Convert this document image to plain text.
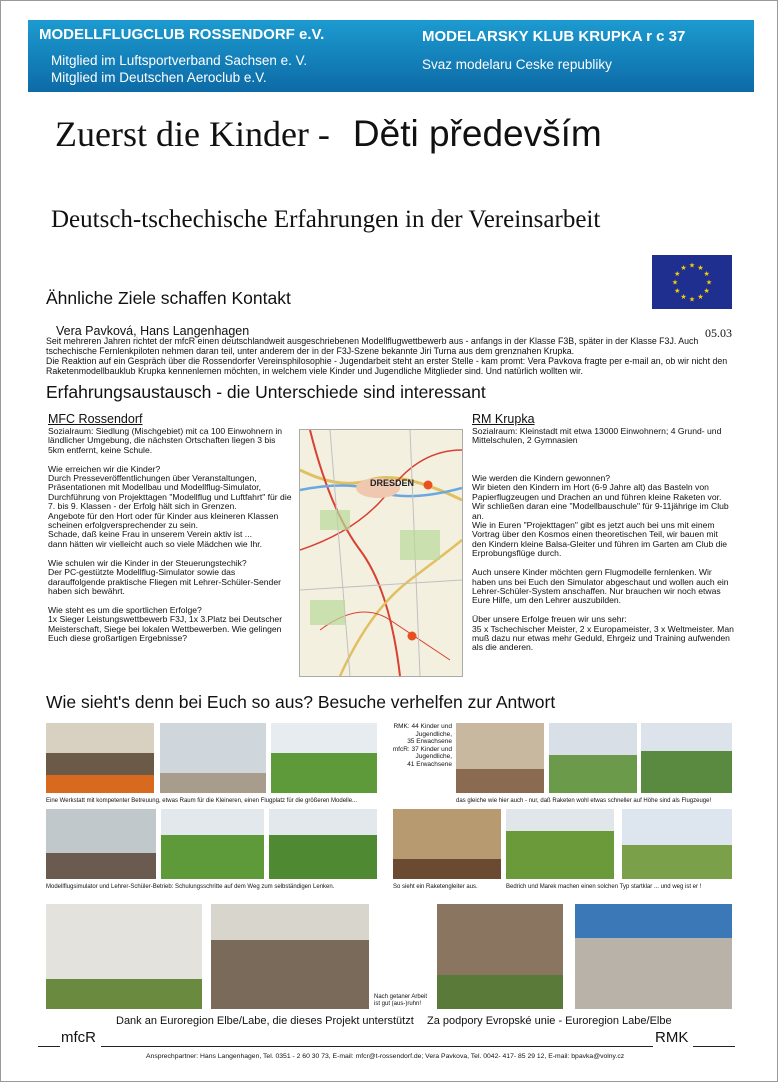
MODELLFLUGCLUB ROSSENDORF e.V.
Mitglied im Luftsportverband Sachsen e. V.
Mitglied im Deutschen Aeroclub e.V.
MODELARSKY KLUB KRUPKA r c 37
Svaz modelaru Ceske republiky
Zuerst die Kinder - Děti především
Deutsch-tschechische Erfahrungen in der Vereinsarbeit
★ ★
★
★
★
★
★
★
★
★
★
★
Ähnliche Ziele schaffen Kontakt
Vera Pavková, Hans Langenhagen	05.03
Seit mehreren Jahren richtet der mfcR einen deutschlandweit ausgeschriebenen Modellflugwettbewerb aus - anfangs in der Klasse F3B, später in der Klasse F3J. Auch tschechische Fernlenkpiloten nehmen daran teil, unter anderem der in der F3J-Szene bekannte Jiri Turna aus dem grenznahen Krupka.
Die Reaktion auf ein Gespräch über die Rossendorfer Vereinsphilosophie - Jugendarbeit steht an erster Stelle - kam promt: Vera Pavkova fragte per e-mail an, ob wir nicht den Raketenmodellbauklub Krupka kennenlernen möchten, in welchem viele Kinder und Jugendliche Mitglieder sind. Und natürlich wollten wir.
Erfahrungsaustausch - die Unterschiede sind interessant
MFC Rossendorf
Sozialraum: Siedlung (Mischgebiet) mit ca 100 Einwohnern in ländlicher Umgebung, die nächsten Ortschaften liegen 3 bis 5km entfernt, keine Schule.

Wie erreichen wir die Kinder?
Durch Presseveröffentlichungen über Veranstaltungen, Präsentationen mit Modellbau und Modellflug-Simulator, Durchführung von Projekttagen "Modellflug und Luftfahrt" für die 7. bis 9. Klassen - der Erfolg hält sich in Grenzen.
Angebote für den Hort oder für Kinder aus kleineren Klassen scheinen erfolgversprechender zu sein.
Schade, daß keine Frau in unserem Verein aktiv ist ...
dann hätten wir vielleicht auch so viele Mädchen wie Ihr.

Wie schulen wir die Kinder in der Steuerungstechik?
Der PC-gestützte Modellflug-Simulator sowie das darauffolgende praktische Fliegen mit Lehrer-Schüler-Sender haben sich bewährt.

Wie steht es um die sportlichen Erfolge?
1x Sieger Leistungswettbewerb F3J, 1x 3.Platz bei Deutscher Meisterschaft, Siege bei lokalen Wettbewerben. Wie gelingen Euch diese großartigen Ergebnisse?
DRESDEN
RM Krupka
Sozialraum: Kleinstadt mit etwa 13000 Einwohnern; 4 Grund- und Mittelschulen, 2 Gymnasien

Wie werden die Kindern gewonnen?
Wir bieten den Kindern im Hort (6-9 Jahre alt) das Basteln von Papierflugzeugen und Drachen an und führen kleine Raketen vor. Wir schließen daran eine "Modellbauschule" für 9-11jährige im Club an.
Wie in Euren "Projekttagen" gibt es jetzt auch bei uns mit einem Vortrag über den Kosmos einen theoretischen Teil, wir bauen mit den Kindern kleine Balsa-Gleiter und führen im Garten am Club die Erprobungsflüge durch.

Auch unsere Kinder möchten gern Flugmodelle fernlenken. Wir haben uns bei Euch den Simulator abgeschaut und wollen auch ein Lehrer-Schüler-System anschaffen. Nur brauchen wir noch etwas Eure Hilfe, um den Lehrer auszubilden.

Über unsere Erfolge freuen wir uns sehr:
35 x Tschechischer Meister, 2 x Europameister, 3 x Weltmeister. Man muß dazu nur etwas mehr Geduld, Ehrgeiz und Training aufwenden als die anderen.
Wie sieht's denn bei Euch so aus? Besuche verhelfen zur Antwort
RMK: 44 Kinder und
Jugendliche,
35 Erwachsene
mfcR: 37 Kinder und
Jugendliche,
41 Erwachsene
Eine Werkstatt mit kompetenter Betreuung, etwas Raum für die Kleineren, einen Flugplatz für die größeren Modelle...	das gleiche wie hier auch - nur, daß Raketen wohl etwas schneller auf Höhe sind als Flugzeuge!
Modellflugsimulator und Lehrer-Schüler-Betrieb: Schulungsschritte auf dem Weg zum selbständigen Lenken.	So sieht ein Raketengleiter aus.	Bedrich und Marek machen einen solchen Typ startklar ... und weg ist er !
Nach getaner Arbeit
ist gut (aus-)ruhn!
Dank an Euroregion Elbe/Labe, die dieses Projekt unterstützt Za podpory Evropské unie - Euroregion Labe/Elbe
mfcR	RMK
Ansprechpartner: Hans Langenhagen, Tel. 0351 - 2 60 30 73, E-mail: mfcr@t-rossendorf.de; Vera Pavkova, Tel. 0042- 417- 85 29 12, E-mail: bpavka@volny.cz
